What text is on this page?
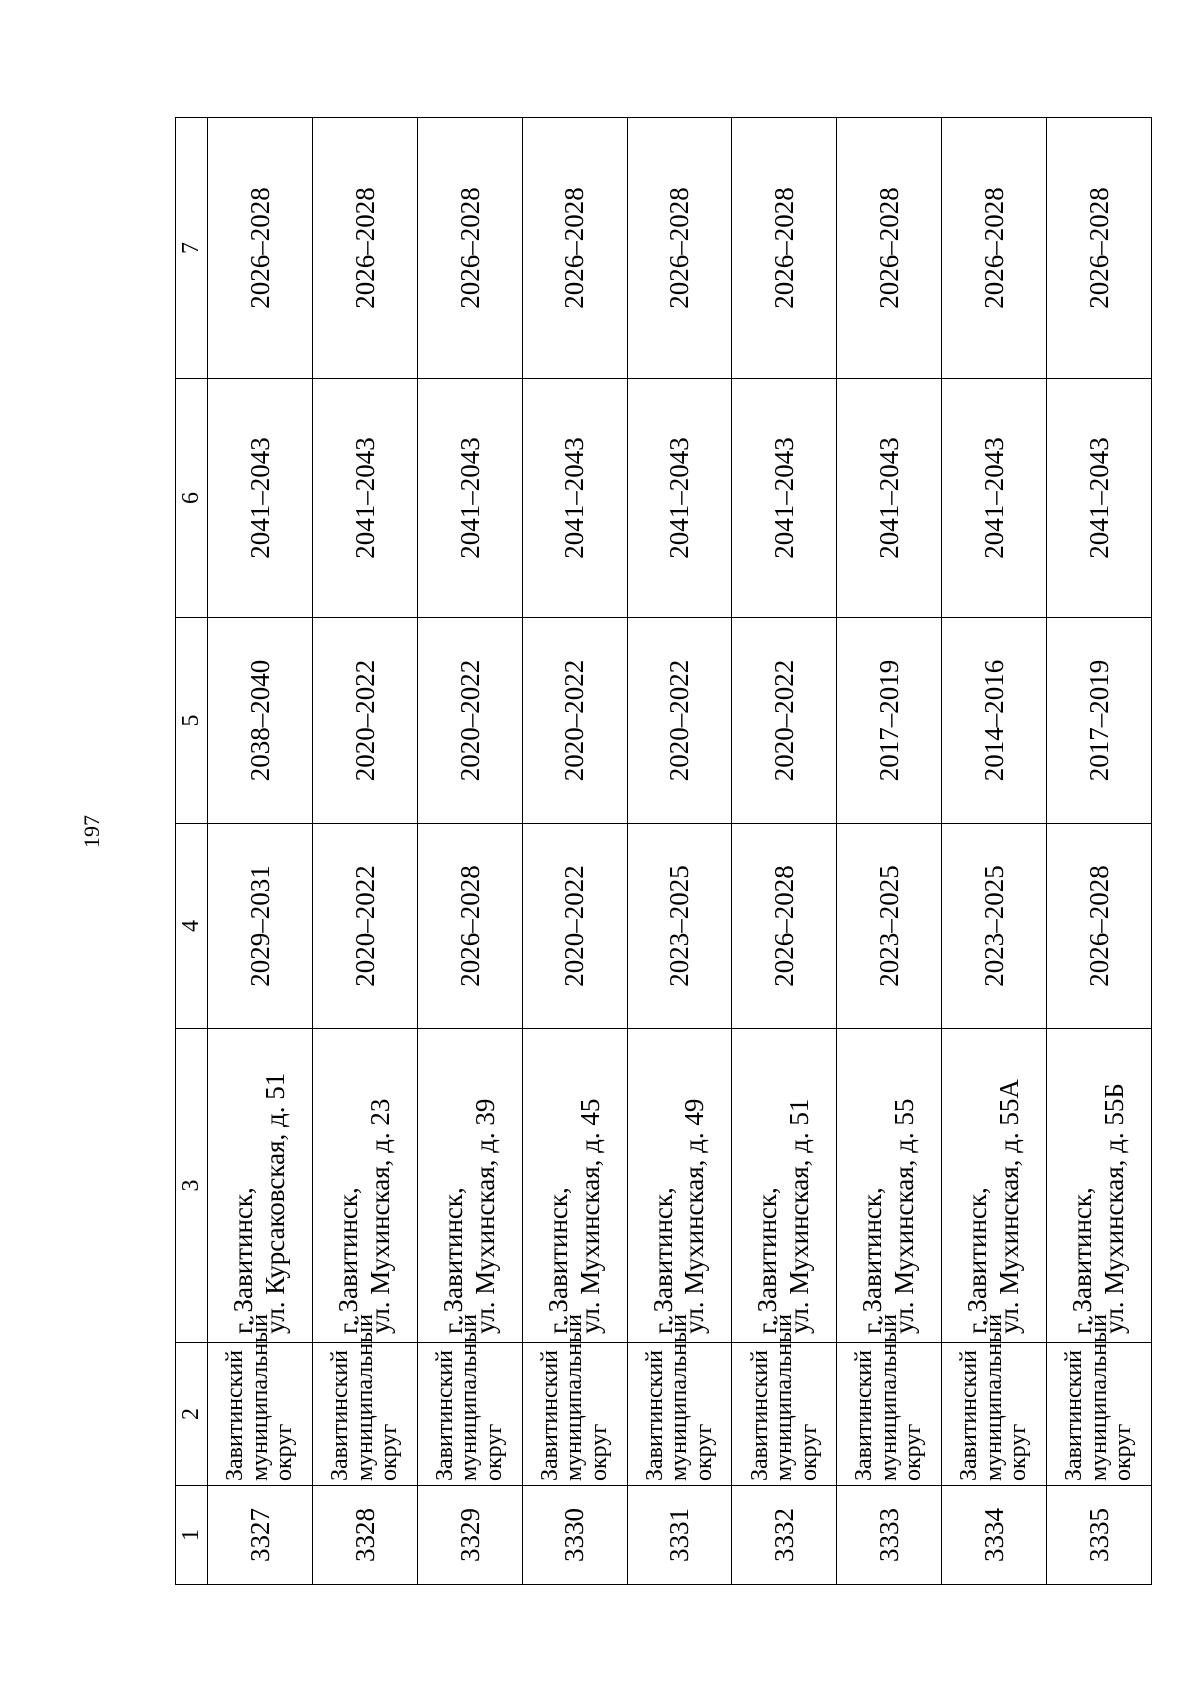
197
1	2	3	4	5	6	7
3327	Завитинский
муниципальный
округ	г. Завитинск,
ул. Курсаковская, д. 51	2029–2031	2038–2040	2041–2043	2026–2028
3328	Завитинский
муниципальный
округ	г. Завитинск,
ул. Мухинская, д. 23	2020–2022	2020–2022	2041–2043	2026–2028
3329	Завитинский
муниципальный
округ	г. Завитинск,
ул. Мухинская, д. 39	2026–2028	2020–2022	2041–2043	2026–2028
3330	Завитинский
муниципальный
округ	г. Завитинск,
ул. Мухинская, д. 45	2020–2022	2020–2022	2041–2043	2026–2028
3331	Завитинский
муниципальный
округ	г. Завитинск,
ул. Мухинская, д. 49	2023–2025	2020–2022	2041–2043	2026–2028
3332	Завитинский
муниципальный
округ	г. Завитинск,
ул. Мухинская, д. 51	2026–2028	2020–2022	2041–2043	2026–2028
3333	Завитинский
муниципальный
округ	г. Завитинск,
ул. Мухинская, д. 55	2023–2025	2017–2019	2041–2043	2026–2028
3334	Завитинский
муниципальный
округ	г. Завитинск,
ул. Мухинская, д. 55А	2023–2025	2014–2016	2041–2043	2026–2028
3335	Завитинский
муниципальный
округ	г. Завитинск,
ул. Мухинская, д. 55Б	2026–2028	2017–2019	2041–2043	2026–2028
